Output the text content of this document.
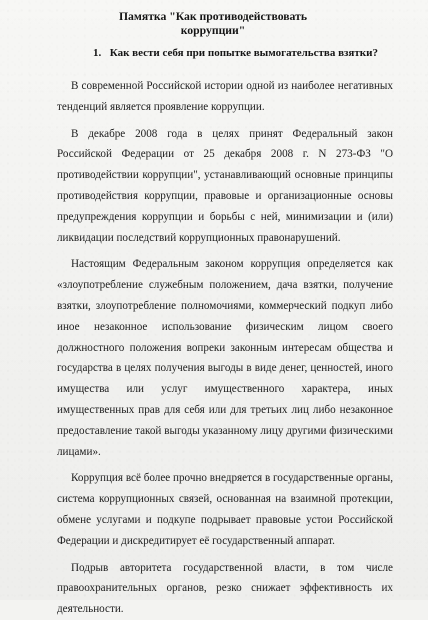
Памятка "Как противодействовать коррупции"
1. Как вести себя при попытке вымогательства взятки?

В современной Российской истории одной из наиболее негативных тенденций является проявление коррупции.

В декабре 2008 года в целях принят Федеральный закон Российской Федерации от 25 декабря 2008 г. N 273-ФЗ "О противодействии коррупции", устанавливающий основные принципы противодействия коррупции, правовые и организационные основы предупреждения коррупции и борьбы с ней, минимизации и (или) ликвидации последствий коррупционных правонарушений.

Настоящим Федеральным законом коррупция определяется как «злоупотребление служебным положением, дача взятки, получение взятки, злоупотребление полномочиями, коммерческий подкуп либо иное незаконное использование физическим лицом своего должностного положения вопреки законным интересам общества и государства в целях получения выгоды в виде денег, ценностей, иного имущества или услуг имущественного характера, иных имущественных прав для себя или для третьих лиц либо незаконное предоставление такой выгоды указанному лицу другими физическими лицами».

Коррупция всё более прочно внедряется в государственные органы, система коррупционных связей, основанная на взаимной протекции, обмене услугами и подкупе подрывает правовые устои Российской Федерации и дискредитирует её государственный аппарат.

Подрыв авторитета государственной власти, в том числе правоохранительных органов, резко снижает эффективность их деятельности.
